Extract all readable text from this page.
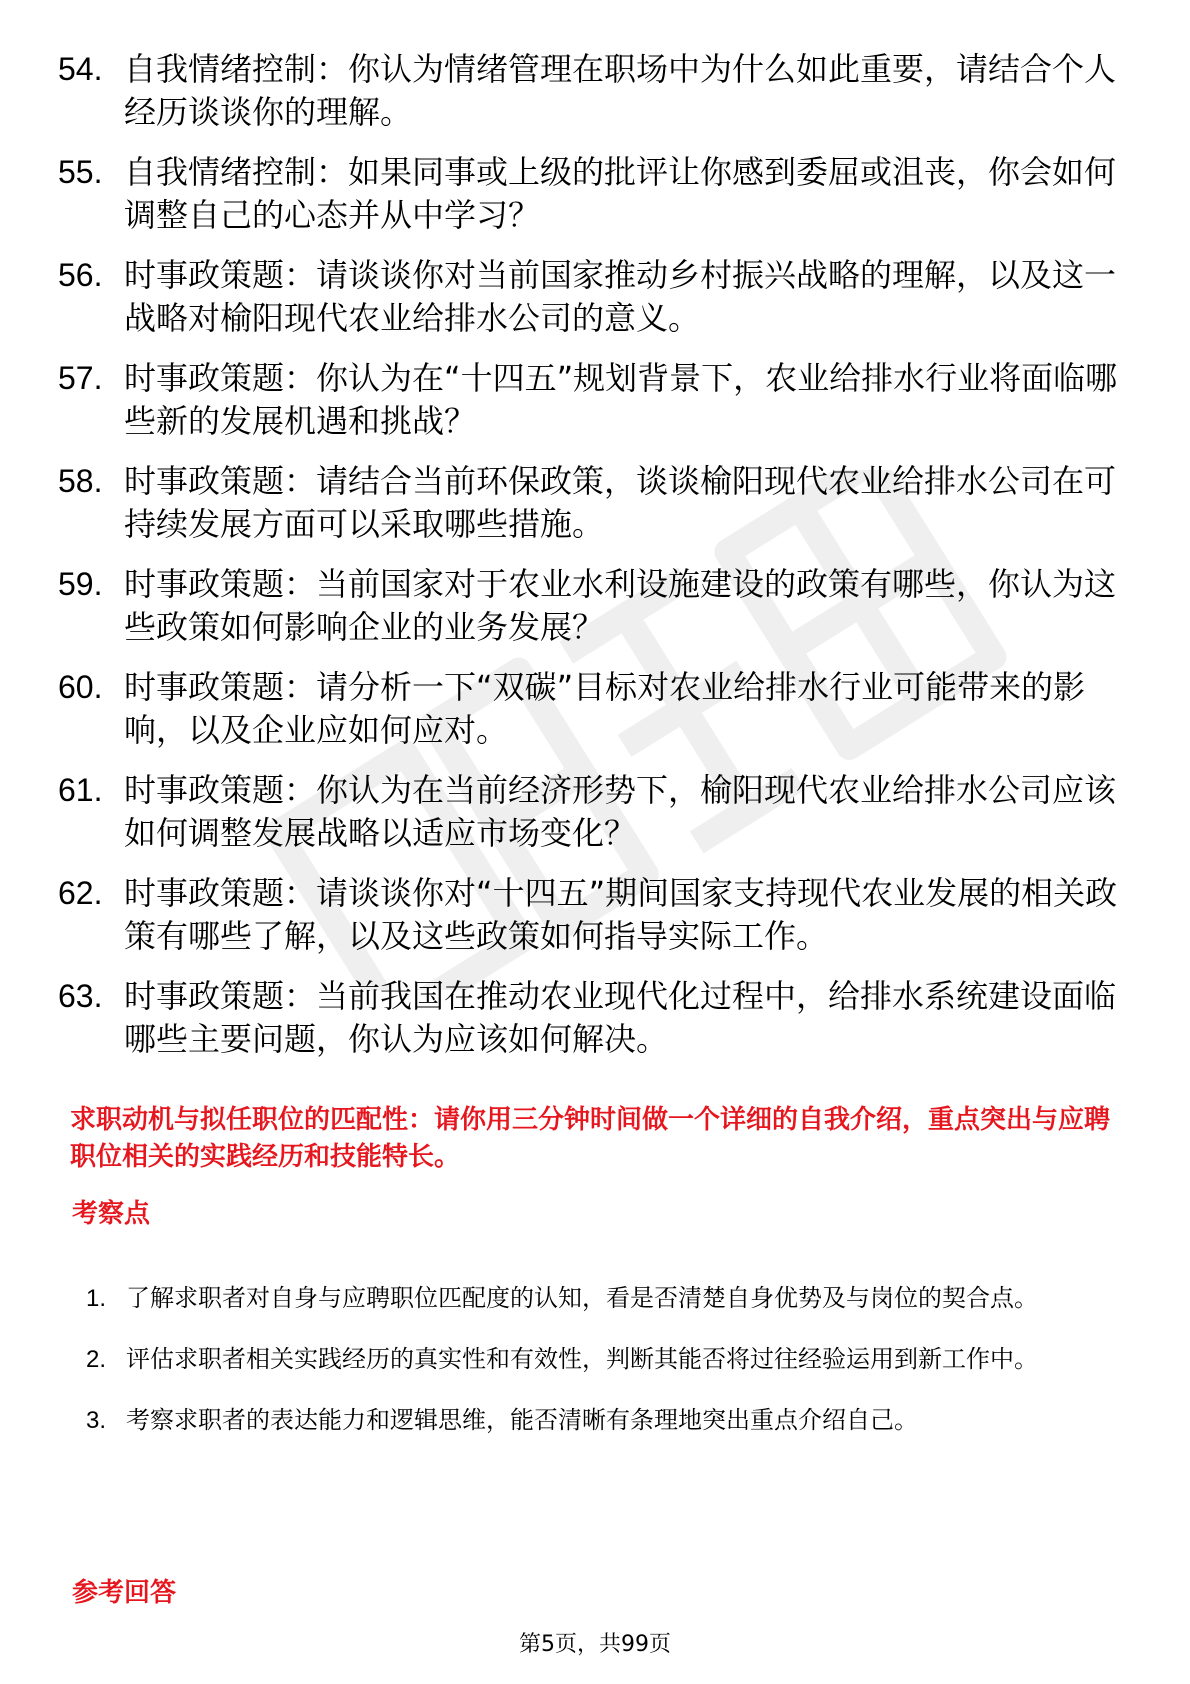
54. 自我情绪控制：你认为情绪管理在职场中为什么如此重要，请结合个人经历谈谈你的理解。
55. 自我情绪控制：如果同事或上级的批评让你感到委屈或沮丧，你会如何调整自己的心态并从中学习？
56. 时事政策题：请谈谈你对当前国家推动乡村振兴战略的理解，以及这一战略对榆阳现代农业给排水公司的意义。
57. 时事政策题：你认为在“十四五”规划背景下，农业给排水行业将面临哪些新的发展机遇和挑战？
58. 时事政策题：请结合当前环保政策，谈谈榆阳现代农业给排水公司在可持续发展方面可以采取哪些措施。
59. 时事政策题：当前国家对于农业水利设施建设的政策有哪些，你认为这些政策如何影响企业的业务发展？
60. 时事政策题：请分析一下“双碳”目标对农业给排水行业可能带来的影响，以及企业应如何应对。
61. 时事政策题：你认为在当前经济形势下，榆阳现代农业给排水公司应该如何调整发展战略以适应市场变化？
62. 时事政策题：请谈谈你对“十四五”期间国家支持现代农业发展的相关政策有哪些了解，以及这些政策如何指导实际工作。
63. 时事政策题：当前我国在推动农业现代化过程中，给排水系统建设面临哪些主要问题，你认为应该如何解决。

求职动机与拟任职位的匹配性：请你用三分钟时间做一个详细的自我介绍，重点突出与应聘职位相关的实践经历和技能特长。

考察点
1. 了解求职者对自身与应聘职位匹配度的认知，看是否清楚自身优势及与岗位的契合点。
2. 评估求职者相关实践经历的真实性和有效性，判断其能否将过往经验运用到新工作中。
3. 考察求职者的表达能力和逻辑思维，能否清晰有条理地突出重点介绍自己。
参考回答
第5页，共99页
